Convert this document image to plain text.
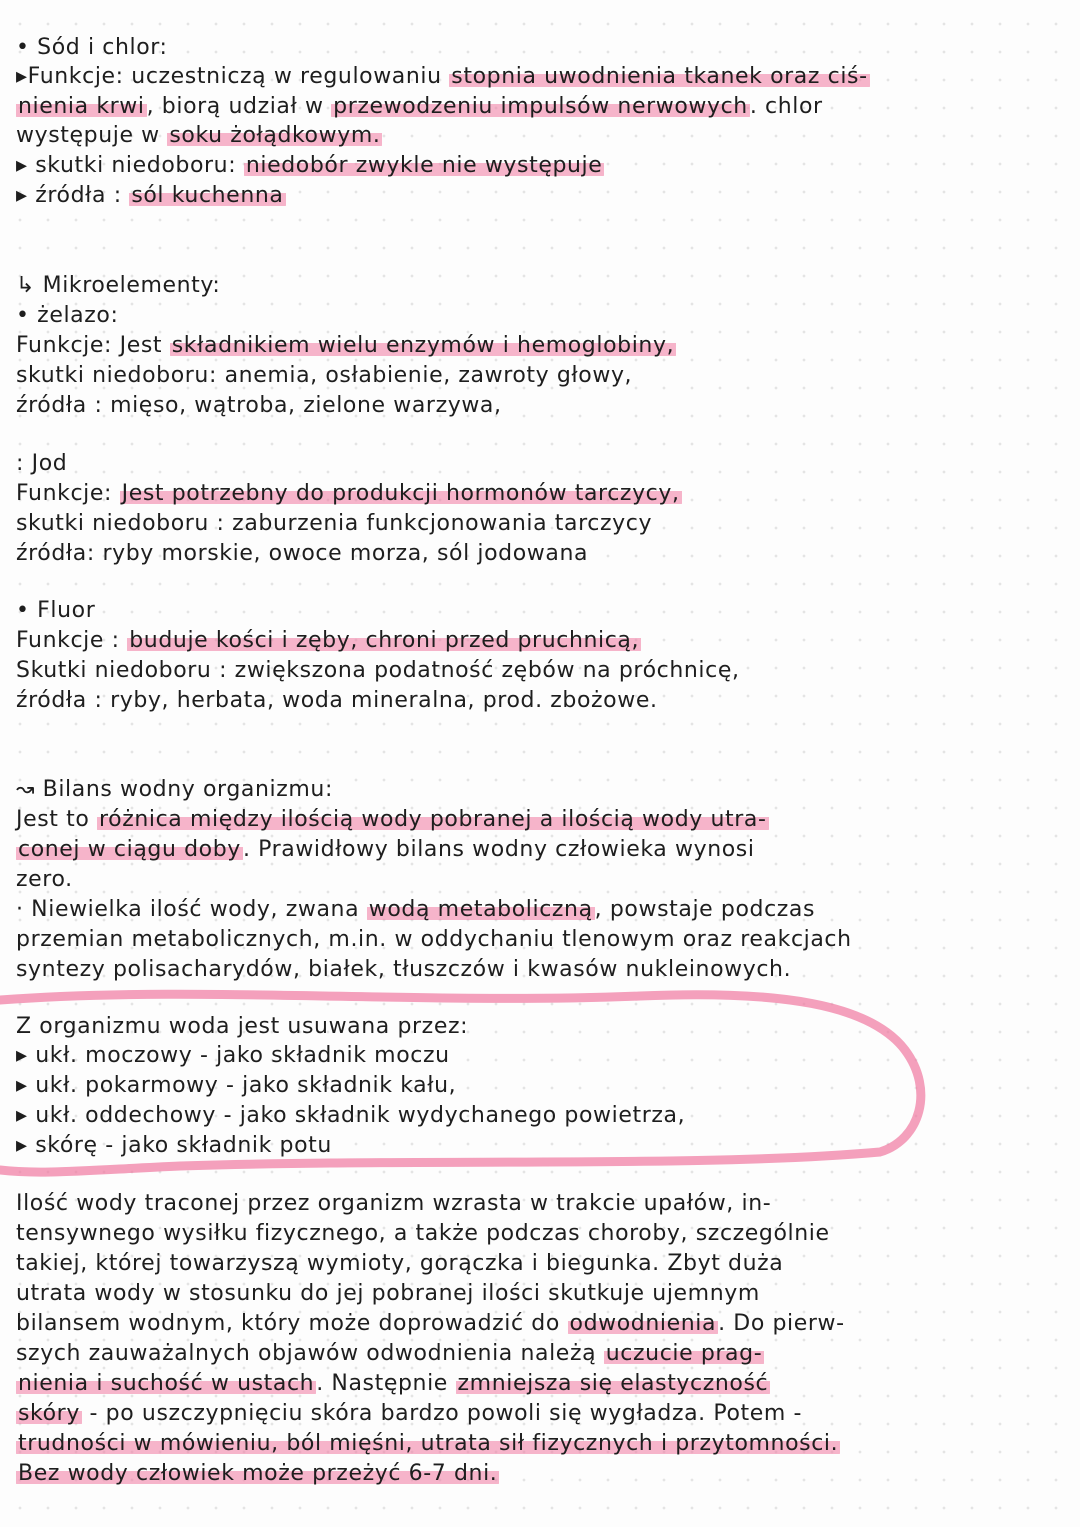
• Sód i chlor:
▸Funkcje: uczestniczą w regulowaniu stopnia uwodnienia tkanek oraz ciś-
nienia krwi, biorą udział w przewodzeniu impulsów nerwowych. chlor
występuje w soku żołądkowym.
▸ skutki niedoboru: niedobór zwykle nie występuje
▸ źródła : sól kuchenna
↳ Mikroelementy:
• żelazo:
Funkcje: Jest składnikiem wielu enzymów i hemoglobiny,
skutki niedoboru: anemia, osłabienie, zawroty głowy,
źródła : mięso, wątroba, zielone warzywa,
: Jod
Funkcje: Jest potrzebny do produkcji hormonów tarczycy,
skutki niedoboru : zaburzenia funkcjonowania tarczycy
źródła: ryby morskie, owoce morza, sól jodowana
• Fluor
Funkcje : buduje kości i zęby, chroni przed pruchnicą,
Skutki niedoboru : zwiększona podatność zębów na próchnicę,
źródła : ryby, herbata, woda mineralna, prod. zbożowe.
↝ Bilans wodny organizmu:
Jest to różnica między ilością wody pobranej a ilością wody utra-
conej w ciągu doby. Prawidłowy bilans wodny człowieka wynosi
zero.
· Niewielka ilość wody, zwana wodą metaboliczną, powstaje podczas
przemian metabolicznych, m.in. w oddychaniu tlenowym oraz reakcjach
syntezy polisacharydów, białek, tłuszczów i kwasów nukleinowych.
Z organizmu woda jest usuwana przez:
▸ ukł. moczowy - jako składnik moczu
▸ ukł. pokarmowy - jako składnik kału,
▸ ukł. oddechowy - jako składnik wydychanego powietrza,
▸ skórę - jako składnik potu
Ilość wody traconej przez organizm wzrasta w trakcie upałów, in-
tensywnego wysiłku fizycznego, a także podczas choroby, szczególnie
takiej, której towarzyszą wymioty, gorączka i biegunka. Zbyt duża
utrata wody w stosunku do jej pobranej ilości skutkuje ujemnym
bilansem wodnym, który może doprowadzić do odwodnienia. Do pierw-
szych zauważalnych objawów odwodnienia należą uczucie prag-
nienia i suchość w ustach. Następnie zmniejsza się elastyczność
skóry - po uszczypnięciu skóra bardzo powoli się wygładza. Potem -
trudności w mówieniu, ból mięśni, utrata sił fizycznych i przytomności.
Bez wody człowiek może przeżyć 6-7 dni.
